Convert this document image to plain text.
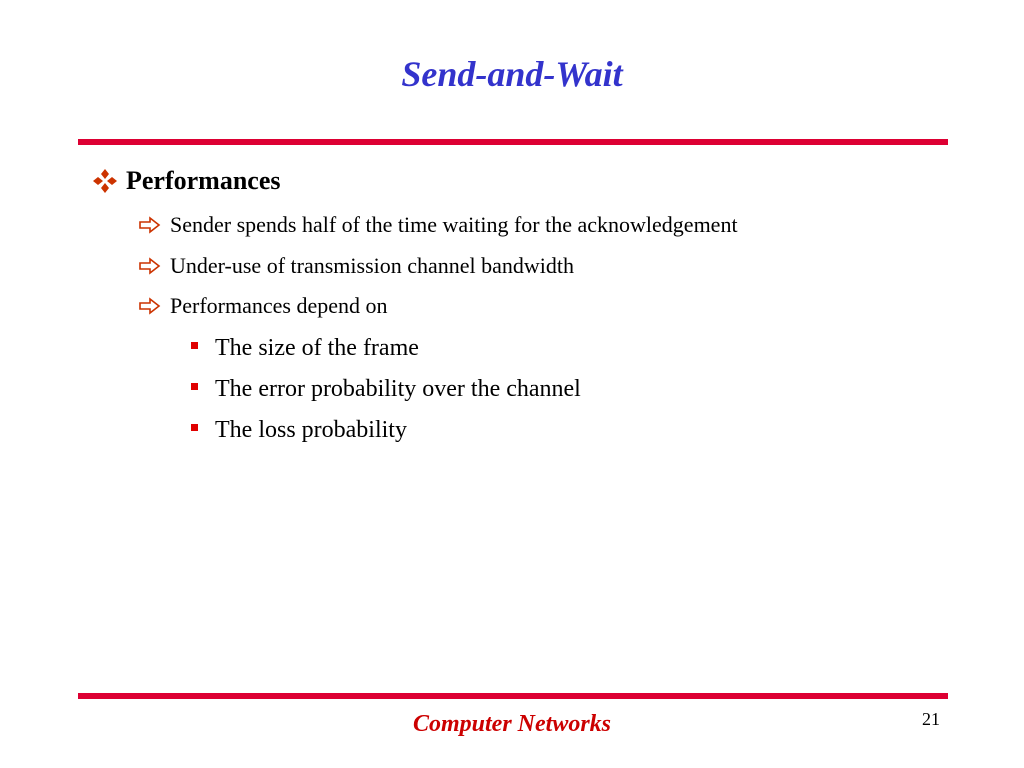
Send-and-Wait
Performances
Sender spends half of the time waiting for the acknowledgement
Under-use of transmission channel bandwidth
Performances depend on
The size of the frame
The error probability over the channel
The loss probability
Computer Networks	21
